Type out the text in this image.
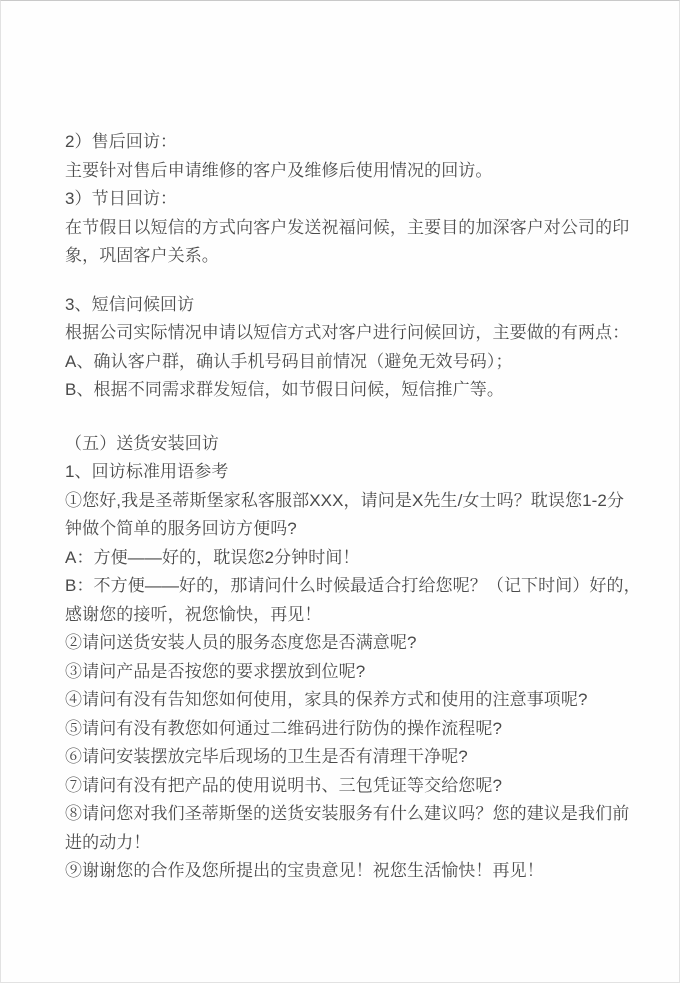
2）售后回访：
主要针对售后申请维修的客户及维修后使用情况的回访。
3）节日回访：
在节假日以短信的方式向客户发送祝福问候，主要目的加深客户对公司的印
象，巩固客户关系。
3、短信问候回访
根据公司实际情况申请以短信方式对客户进行问候回访，主要做的有两点：
A、确认客户群，确认手机号码目前情况（避免无效号码）；
B、根据不同需求群发短信，如节假日问候，短信推广等。
（五）送货安装回访
1、回访标准用语参考
①您好,我是圣蒂斯堡家私客服部XXX，请问是X先生/女士吗？耽误您1-2分
钟做个简单的服务回访方便吗?
A：方便——好的，耽误您2分钟时间！
B：不方便——好的，那请问什么时候最适合打给您呢？（记下时间）好的，
感谢您的接听，祝您愉快，再见！
②请问送货安装人员的服务态度您是否满意呢?
③请问产品是否按您的要求摆放到位呢?
④请问有没有告知您如何使用，家具的保养方式和使用的注意事项呢?
⑤请问有没有教您如何通过二维码进行防伪的操作流程呢?
⑥请问安装摆放完毕后现场的卫生是否有清理干净呢?
⑦请问有没有把产品的使用说明书、三包凭证等交给您呢?
⑧请问您对我们圣蒂斯堡的送货安装服务有什么建议吗？您的建议是我们前
进的动力！
⑨谢谢您的合作及您所提出的宝贵意见！祝您生活愉快！再见！
